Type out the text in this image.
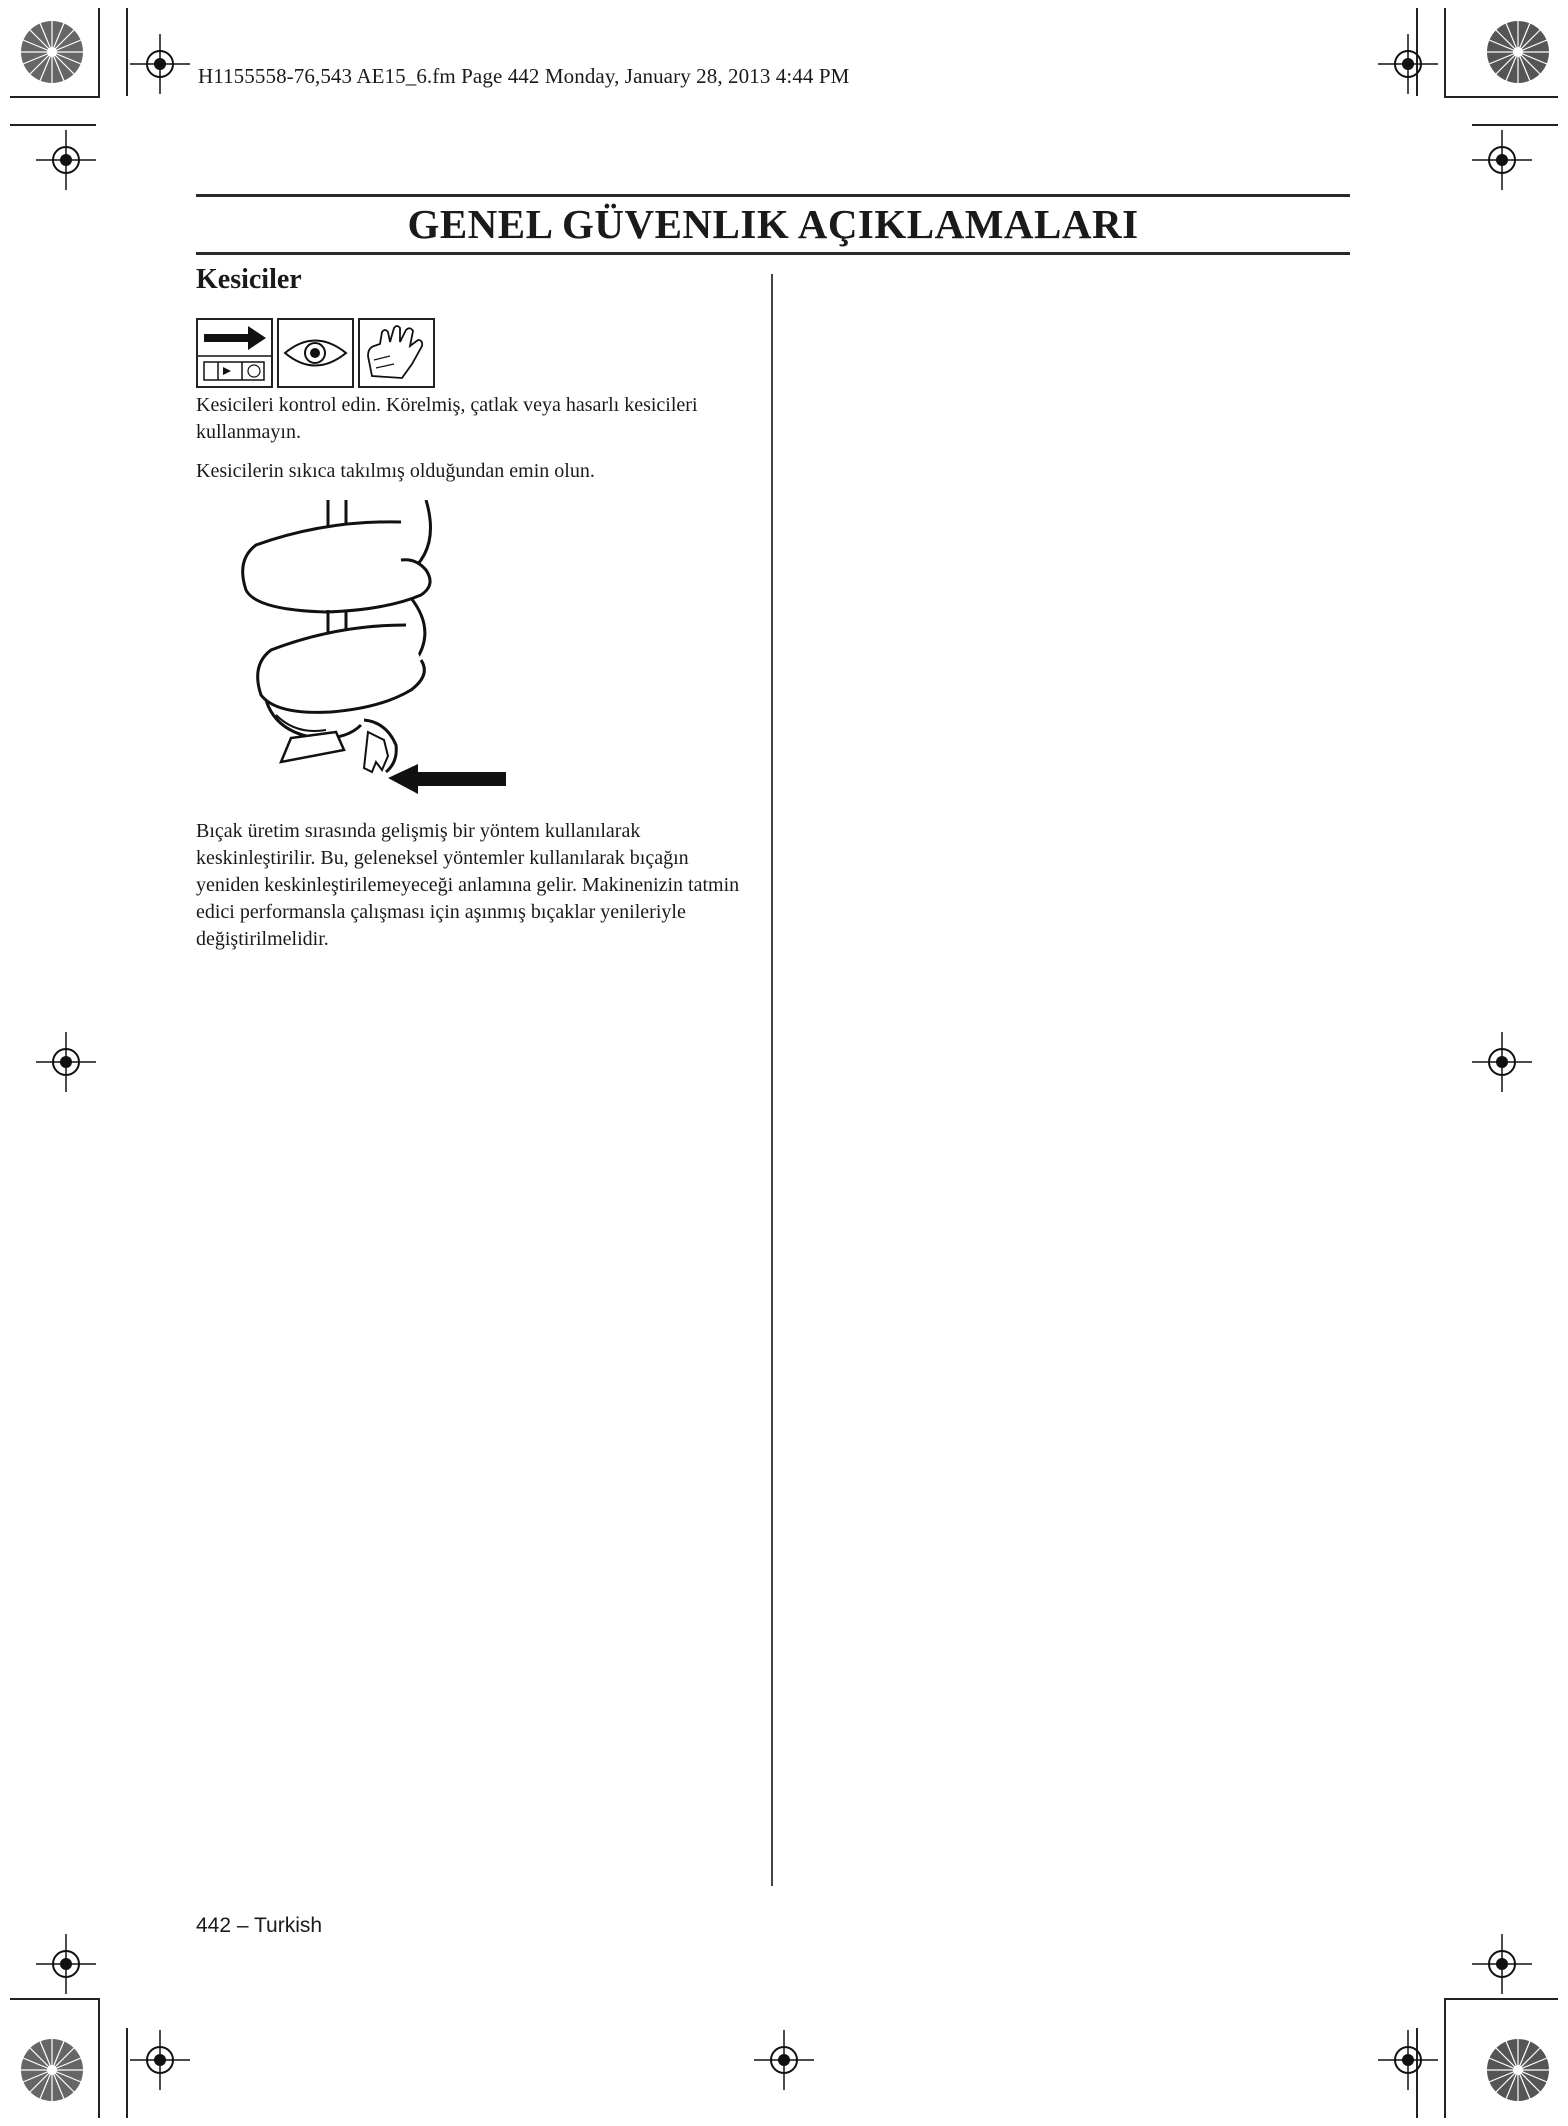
H1155558-76,543 AE15_6.fm Page 442 Monday, January 28, 2013 4:44 PM
GENEL GÜVENLIK AÇIKLAMALARI
Kesiciler
Kesicileri kontrol edin. Körelmiş, çatlak veya hasarlı kesicileri kullanmayın.
Kesicilerin sıkıca takılmış olduğundan emin olun.
Bıçak üretim sırasında gelişmiş bir yöntem kullanılarak keskinleştirilir. Bu, geleneksel yöntemler kullanılarak bıçağın yeniden keskinleştirilemeyeceği anlamına gelir. Makinenizin tatmin edici performansla çalışması için aşınmış bıçaklar yenileriyle değiştirilmelidir.
442 – Turkish
